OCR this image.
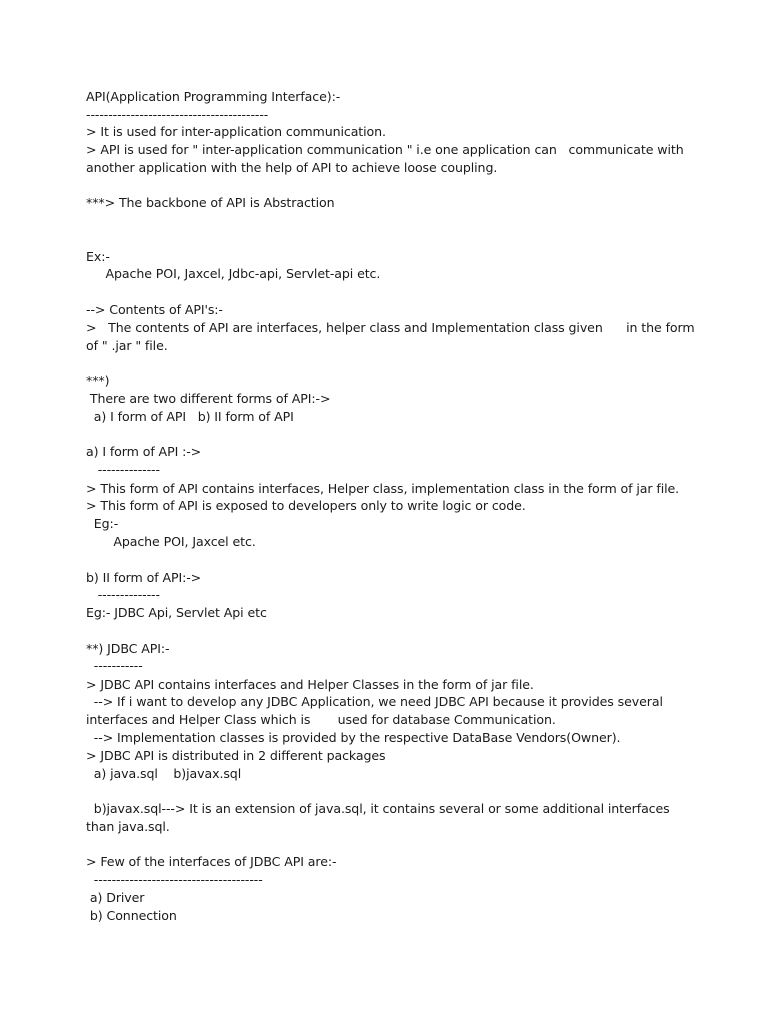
API(Application Programming Interface):-
-----------------------------------------
> It is used for inter-application communication.
> API is used for " inter-application communication " i.e one application can   communicate with
another application with the help of API to achieve loose coupling.
***> The backbone of API is Abstraction
Ex:-
Apache POI, Jaxcel, Jdbc-api, Servlet-api etc.
--> Contents of API's:-
>   The contents of API are interfaces, helper class and Implementation class given      in the form
of " .jar " file.
***)
There are two different forms of API:->
a) I form of API   b) II form of API
a) I form of API :->
--------------
> This form of API contains interfaces, Helper class, implementation class in the form of jar file.
> This form of API is exposed to developers only to write logic or code.
Eg:-
Apache POI, Jaxcel etc.
b) II form of API:->
--------------
Eg:- JDBC Api, Servlet Api etc
**) JDBC API:-
-----------
> JDBC API contains interfaces and Helper Classes in the form of jar file.
--> If i want to develop any JDBC Application, we need JDBC API because it provides several
interfaces and Helper Class which is       used for database Communication.
--> Implementation classes is provided by the respective DataBase Vendors(Owner).
> JDBC API is distributed in 2 different packages
a) java.sql    b)javax.sql
b)javax.sql---> It is an extension of java.sql, it contains several or some additional interfaces
than java.sql.
> Few of the interfaces of JDBC API are:-
--------------------------------------
a) Driver
b) Connection
